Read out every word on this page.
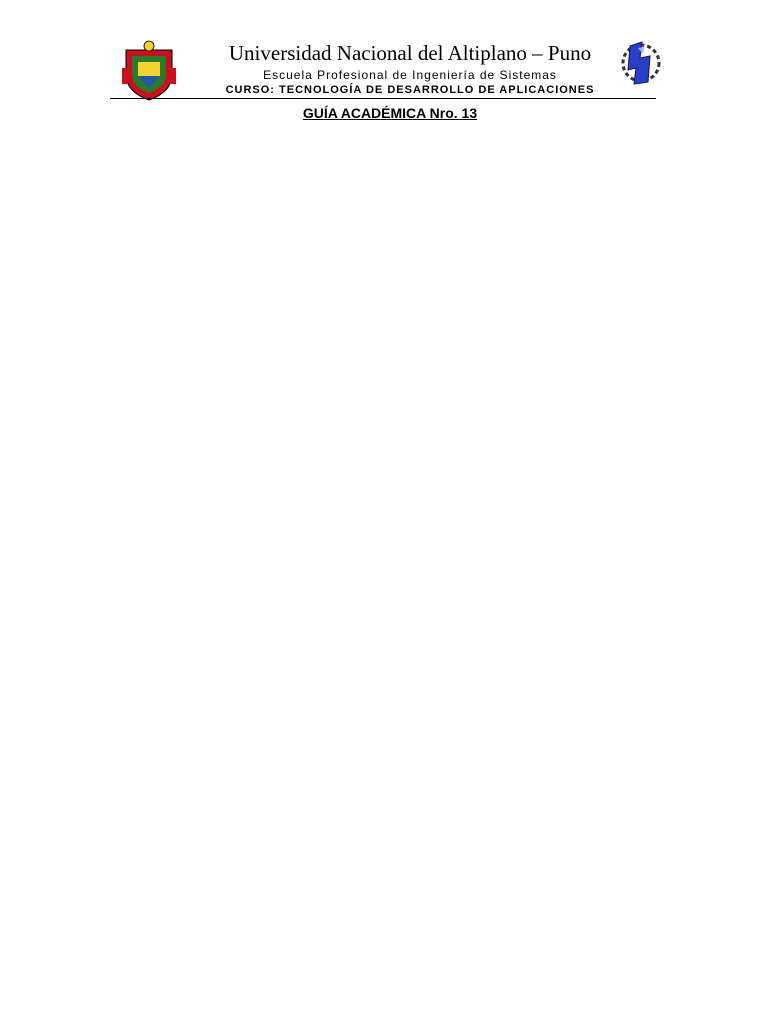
Universidad Nacional del Altiplano – Puno
Escuela Profesional de Ingeniería de Sistemas
CURSO: TECNOLOGÍA DE DESARROLLO DE APLICACIONES
GUÍA ACADÉMICA Nro. 13
